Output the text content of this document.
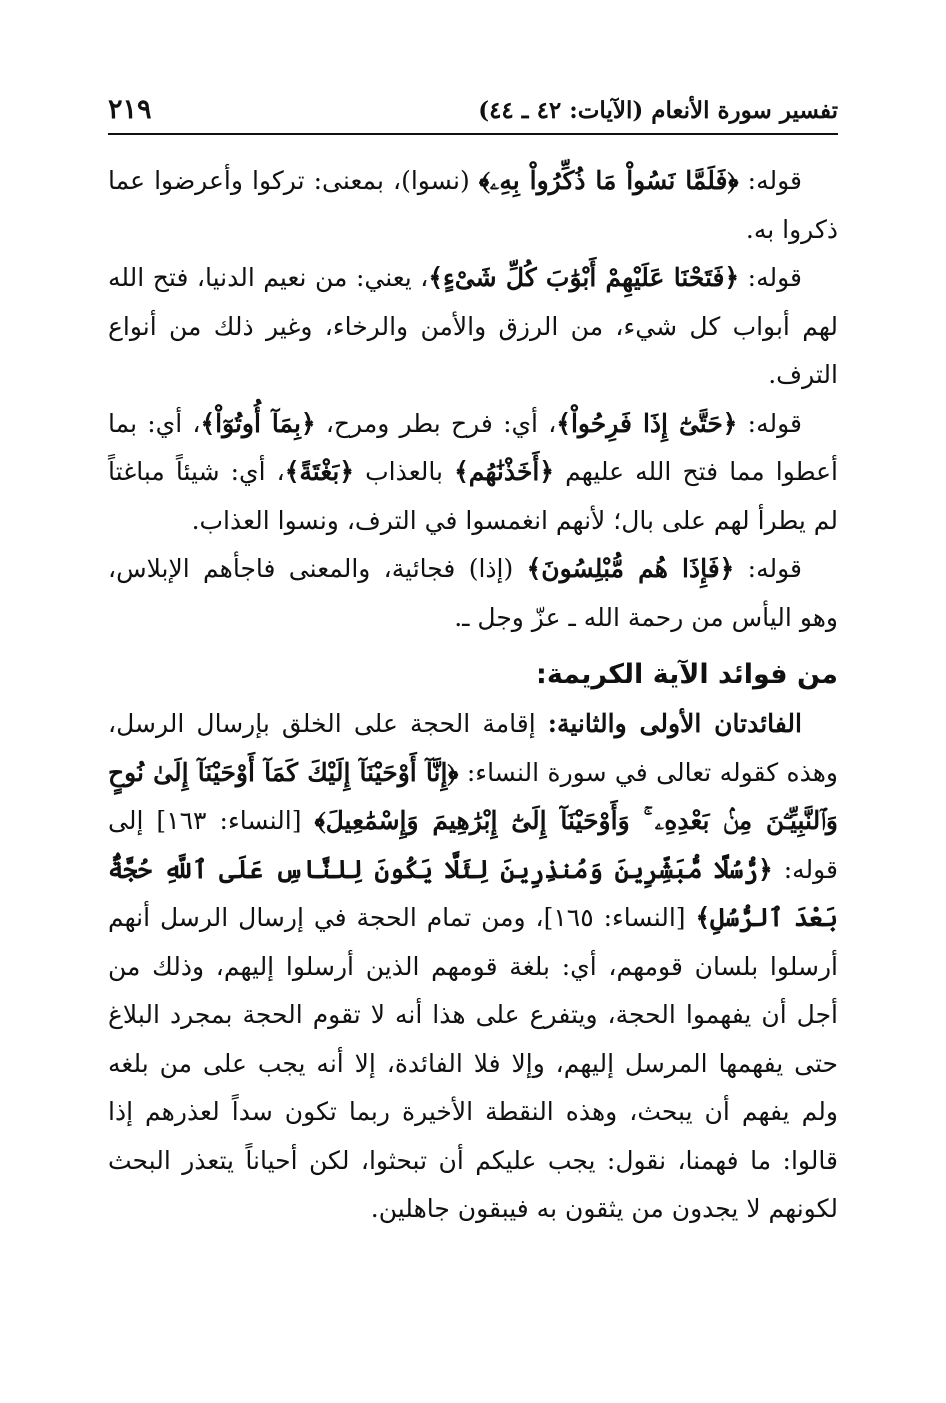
تفسير سورة الأنعام (الآيات: ٤٢ ـ ٤٤)
٢١٩

قوله: ﴿فَلَمَّا نَسُواْ مَا ذُكِّرُواْ بِهِۦ﴾ (نسوا)، بمعنى: تركوا وأعرضوا عما ذكروا به.

قوله: ﴿فَتَحْنَا عَلَيْهِمْ أَبْوَٰبَ كُلِّ شَىْءٍ﴾، يعني: من نعيم الدنيا، فتح الله لهم أبواب كل شيء، من الرزق والأمن والرخاء، وغير ذلك من أنواع الترف.

قوله: ﴿حَتَّىٰٓ إِذَا فَرِحُواْ﴾، أي: فرح بطر ومرح، ﴿بِمَآ أُوتُوٓاْ﴾، أي: بما أعطوا مما فتح الله عليهم ﴿أَخَذْنَٰهُم﴾ بالعذاب ﴿بَغْتَةً﴾، أي: شيئاً مباغتاً لم يطرأ لهم على بال؛ لأنهم انغمسوا في الترف، ونسوا العذاب.

قوله: ﴿فَإِذَا هُم مُّبْلِسُونَ﴾ (إذا) فجائية، والمعنى فاجأهم الإبلاس، وهو اليأس من رحمة الله ـ عزّ وجل ـ.

من فوائد الآية الكريمة:

الفائدتان الأولى والثانية: إقامة الحجة على الخلق بإرسال الرسل، وهذه كقوله تعالى في سورة النساء: ﴿إِنَّآ أَوْحَيْنَآ إِلَيْكَ كَمَآ أَوْحَيْنَآ إِلَىٰ نُوحٍ وَٱلنَّبِيِّـۧنَ مِنۢ بَعْدِهِۦ ۚ وَأَوْحَيْنَآ إِلَىٰٓ إِبْرَٰهِيمَ وَإِسْمَٰعِيلَ﴾ [النساء: ١٦٣] إلى قوله: ﴿رُّسُلًا مُّبَشِّرِينَ وَمُنذِرِينَ لِئَلَّا يَكُونَ لِلنَّاسِ عَلَى ٱللَّهِ حُجَّةٌۢ بَعْدَ ٱلرُّسُلِ﴾ [النساء: ١٦٥]، ومن تمام الحجة في إرسال الرسل أنهم أرسلوا بلسان قومهم، أي: بلغة قومهم الذين أرسلوا إليهم، وذلك من أجل أن يفهموا الحجة، ويتفرع على هذا أنه لا تقوم الحجة بمجرد البلاغ حتى يفهمها المرسل إليهم، وإلا فلا الفائدة، إلا أنه يجب على من بلغه ولم يفهم أن يبحث، وهذه النقطة الأخيرة ربما تكون سداً لعذرهم إذا قالوا: ما فهمنا، نقول: يجب عليكم أن تبحثوا، لكن أحياناً يتعذر البحث لكونهم لا يجدون من يثقون به فيبقون جاهلين.
